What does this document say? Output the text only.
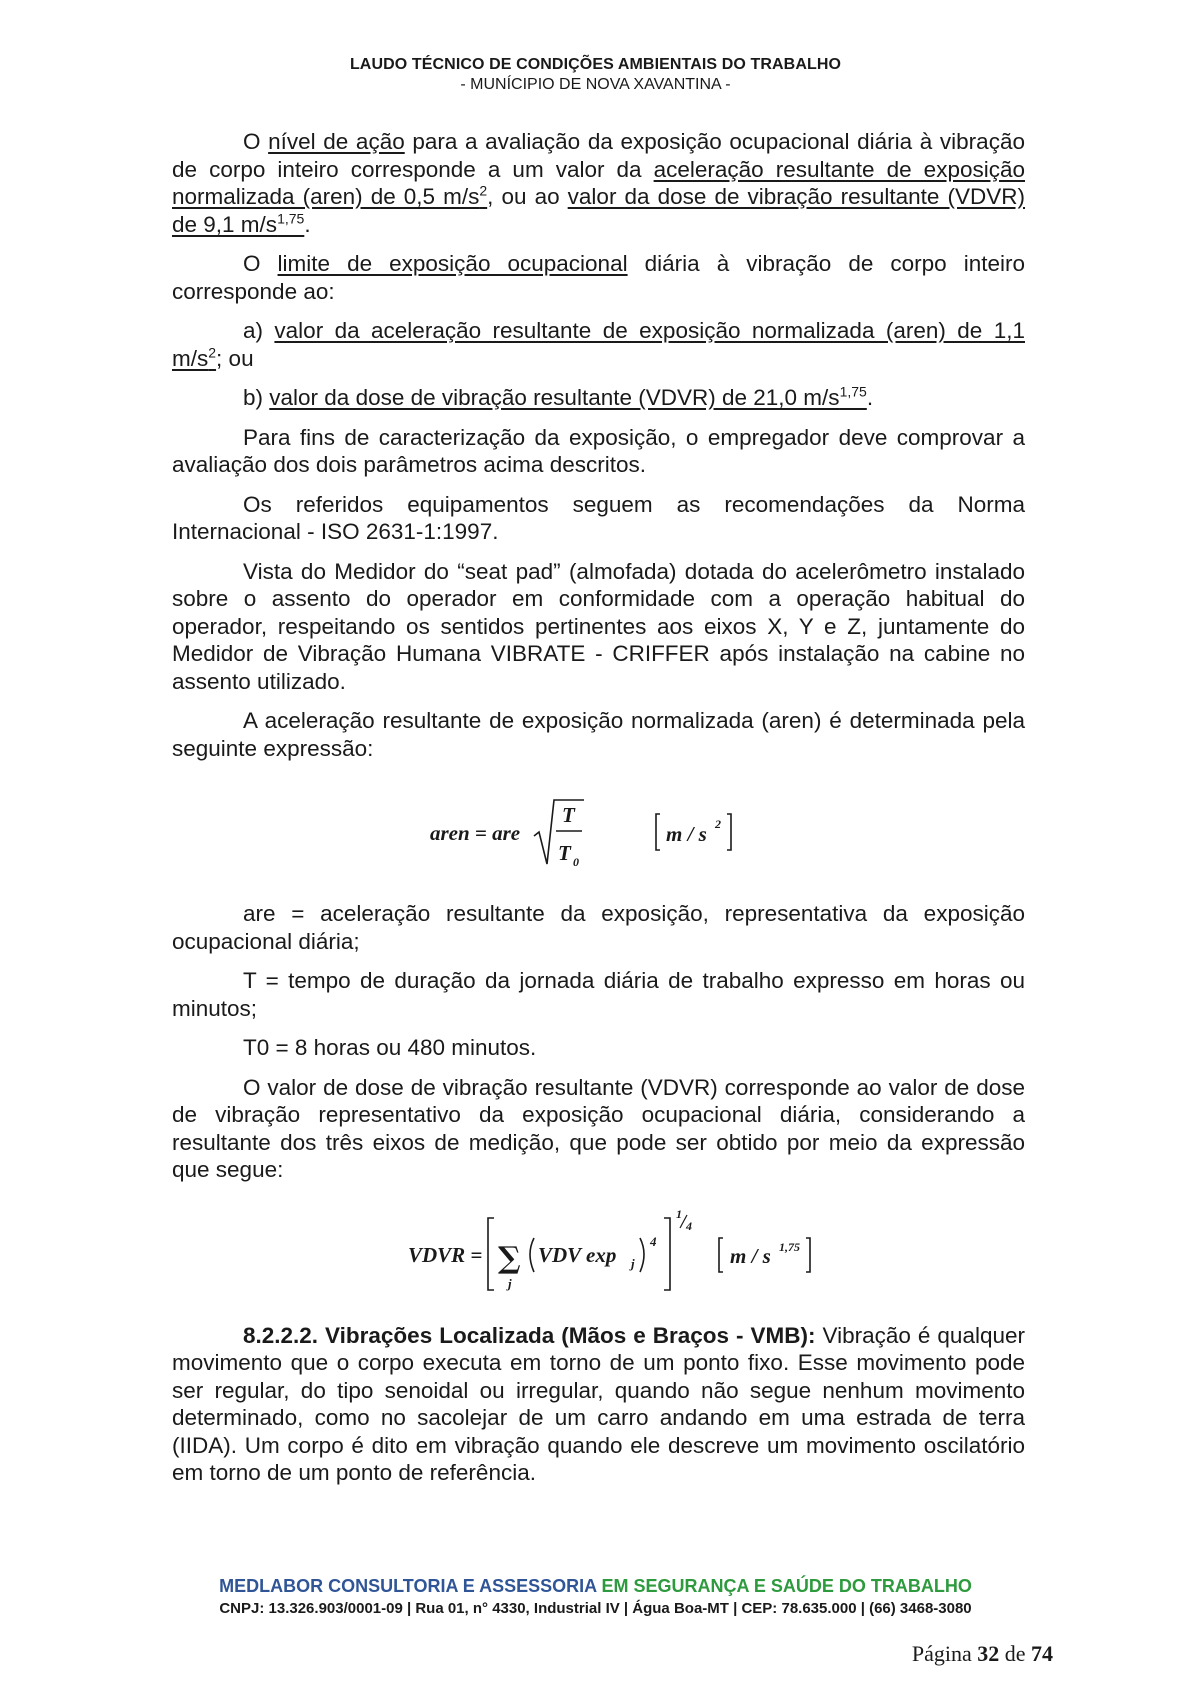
LAUDO TÉCNICO DE CONDIÇÕES AMBIENTAIS DO TRABALHO
- MUNÍCIPIO DE NOVA XAVANTINA -

O nível de ação para a avaliação da exposição ocupacional diária à vibração de corpo inteiro corresponde a um valor da aceleração resultante de exposição normalizada (aren) de 0,5 $m/s^2$, ou ao valor da dose de vibração resultante (VDVR) de 9,1 $m/s^{1,75}$.

O limite de exposição ocupacional diária à vibração de corpo inteiro corresponde ao:

a) valor da aceleração resultante de exposição normalizada (aren) de 1,1 $m/s^2$; ou

b) valor da dose de vibração resultante (VDVR) de 21,0 $m/s^{1,75}$.

Para fins de caracterização da exposição, o empregador deve comprovar a avaliação dos dois parâmetros acima descritos.

Os referidos equipamentos seguem as recomendações da Norma Internacional - ISO 2631-1:1997.

Vista do Medidor do “seat pad” (almofada) dotada do acelerômetro instalado sobre o assento do operador em conformidade com a operação habitual do operador, respeitando os sentidos pertinentes aos eixos X, Y e Z, juntamente do Medidor de Vibração Humana VIBRATE - CRIFFER após instalação na cabine no assento utilizado.

A aceleração resultante de exposição normalizada (aren) é determinada pela seguinte expressão:

aren = are
T
T 0
m / s 2

are = aceleração resultante da exposição, representativa da exposição ocupacional diária;

T = tempo de duração da jornada diária de trabalho expresso em horas ou minutos;

T0 = 8 horas ou 480 minutos.

O valor de dose de vibração resultante (VDVR) corresponde ao valor de dose de vibração representativo da exposição ocupacional diária, considerando a resultante dos três eixos de medição, que pode ser obtido por meio da expressão que segue:

VDVR = ∑
j
VDV exp j
4
1
4
m / s 1,75

8.2.2.2. Vibrações Localizada (Mãos e Braços - VMB): Vibração é qualquer movimento que o corpo executa em torno de um ponto fixo. Esse movimento pode ser regular, do tipo senoidal ou irregular, quando não segue nenhum movimento determinado, como no sacolejar de um carro andando em uma estrada de terra (IIDA). Um corpo é dito em vibração quando ele descreve um movimento oscilatório em torno de um ponto de referência.

MEDLABOR CONSULTORIA E ASSESSORIA EM SEGURANÇA E SAÚDE DO TRABALHO
CNPJ: 13.326.903/0001-09 | Rua 01, n° 4330, Industrial IV | Água Boa-MT | CEP: 78.635.000 | (66) 3468-3080
Página 32 de 74
